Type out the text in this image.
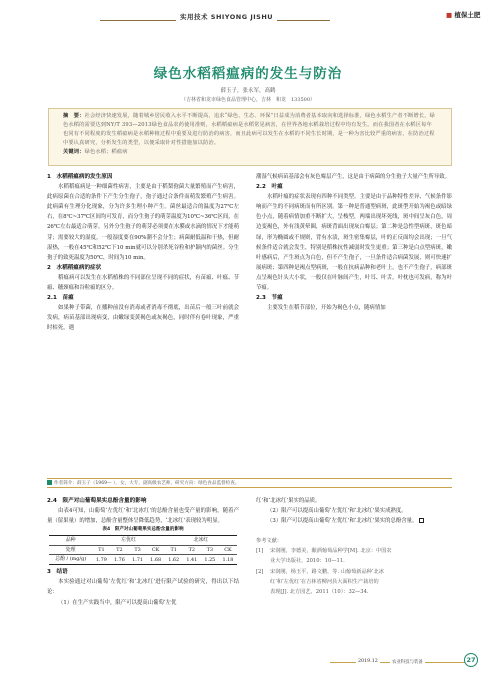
实用技术 SHIYONG JISHU	■ 植保土肥
绿色水稻稻瘟病的发生与防治
薛玉子，张永军，高鹤
（吉林省和龙市绿色食品管理中心，吉林　和龙　133500）

摘　要：社会经济快速发展，随着城乡居民收入水平不断提高，追求“绿色、生态、环保”日益成为消费者基本取向和选择标准，绿色水稻生产者不断增长，绿色水稻的需要达到NY/T 393—2013绿色食品农药使用准则，水稻稻瘟病是水稻常见病害，在世界各地水稻栽培过程中均有发生。而在我国者在水稻区每年也同有不同程度的发生稻瘟病是水稻种植过程中重要及进行防治的病害，而且此病可以发生在水稻的不同生长时期，是一种为害比较严重的病害，在防治过程中要认真研究，分析发生的类型，以便采取针对性措施加以防治。

关键词：绿色水稻；稻瘟病

1　水稻稻瘟病的发生原因

水稻稻瘟病是一种细菌性病害，主要是由于稻梨孢菌大量繁殖而产生病害，此病原菌在合适的条件下产生分生孢子，孢子通过合条件而萌发繁殖产生病害。此病菌有生理分化现象，分为许多生理小种产生。菌丝最适合的温度为27℃左右，在8℃~37℃区间均可发育，而分生孢子的萌芽温度为10℃~36℃区间，在26℃左右最适合萌芽。另外分生孢子的萌芽必须要在水膜或水滴的情况下才能萌芽；需要较大的湿度，一般湿度要在90%潮不会分生；病菌耐低温和干热，但耐湿热，一般在45℃和52℃下10 min就可以分别杀死谷粒和护颖内的菌丝。分生孢子的致死温度为50℃，时间为10 min。

2　水稻稻瘟病的症状

稻瘟病可以发生在水稻植株的不同部位呈现不同的症状，有苗瘟、叶瘟、节瘟、穗颈瘟和谷粒瘟的区分。

2.1　苗瘟

如果种子带菌，在播种前没有消毒或者消毒不彻底，出苗后一般三叶前就会发病，病苗基部出现病变，由嫩绿变黄褐色或灰褐色，同时伴有卷叶现象，严重时枯死，遇

潮湿气候病苗基部会有灰色霉层产生，这是由于病菌的分生孢子大量产生所导致。

2.2　叶瘟

水稻叶瘟的症状表现有四种不同类型。主要是由于品种特性差异、气候条件影响而产生的不同病斑而有所区别。第一种是普通型病斑，此斑型开始为褐色或暗绿色小点，随着病情加重不断扩大，呈梭型，两端出现坏死线，斑中间呈灰白色，周边变褐色，外有浅黄晕圈，病斑背面出现灰白霉层；第二种是急性型病斑，斑色暗绿，形为椭圆或不规则，背有水渍，斑生密集霉层，叶的正反面均会出现；一旦气候条件适合就会发生，特别是稻株抗性减弱时发生更重；第三种是白点型病斑，嫩叶感病后，产生斑点为白色，但不产生孢子，一旦条件适合病菌发展，则可快速扩展病斑；第四种是褐点型病斑，一般在抗病品种和老叶上，也不产生孢子，病部斑点呈褐色针头大小状，一般仅在叶脉间产生，叶耳、叶舌，叶枕也可发病，称为叶节瘟。

2.3　节瘟

主要发生在稻节部位，开始为褐色小点，随病情加

作者简介：薛玉子（1969— ），女，大专，副高级农艺师，研究方向：绿色食品监督检查。
2.4　限产对山葡萄果实总酚含量的影响

由表4可知，山葡萄‘左优红’和‘北冰红’的总酚含量也受产量的影响，随着产量（留果量）的增加，总酚含量整体呈降低趋势，‘北冰红’表现较为明显。

表4　限产对山葡萄果实总酚含量的影响
品种	左优红				北冰红			
处理	T1	T2	T3	CK	T1	T2	T3	CK
总酚 / (mg/g)	1.79	1.76	1.71	1.68	1.62	1.41	1.25	1.18
3　结语

本实验通过对山葡萄‘左优红’和‘北冰红’进行限产试验的研究，得出以下结论：

（1）在生产实践当中，限产可以提高山葡萄‘左优

红’和‘北冰红’果实的品质。

（2）限产可以提高山葡萄‘左优红’和‘北冰红’果实成熟度。

（3）限产可以提高山葡萄‘左优红’和‘北冰红’果实的总酚含量。

参考文献：
[1] 宋润刚，李德美，酿酒葡萄品种学[M]. 北京：中国农
业大学出版社，2010：10—11.
[2] 宋润刚，杨玉平，路文鹏，等. 山葡萄新品种‘北冰
红’和‘左优红’在吉林省柳河县大面积生产栽培的
表现[J]. 北方园艺，2011（10）：32—34.
2019.12	农业科技与装备	27
